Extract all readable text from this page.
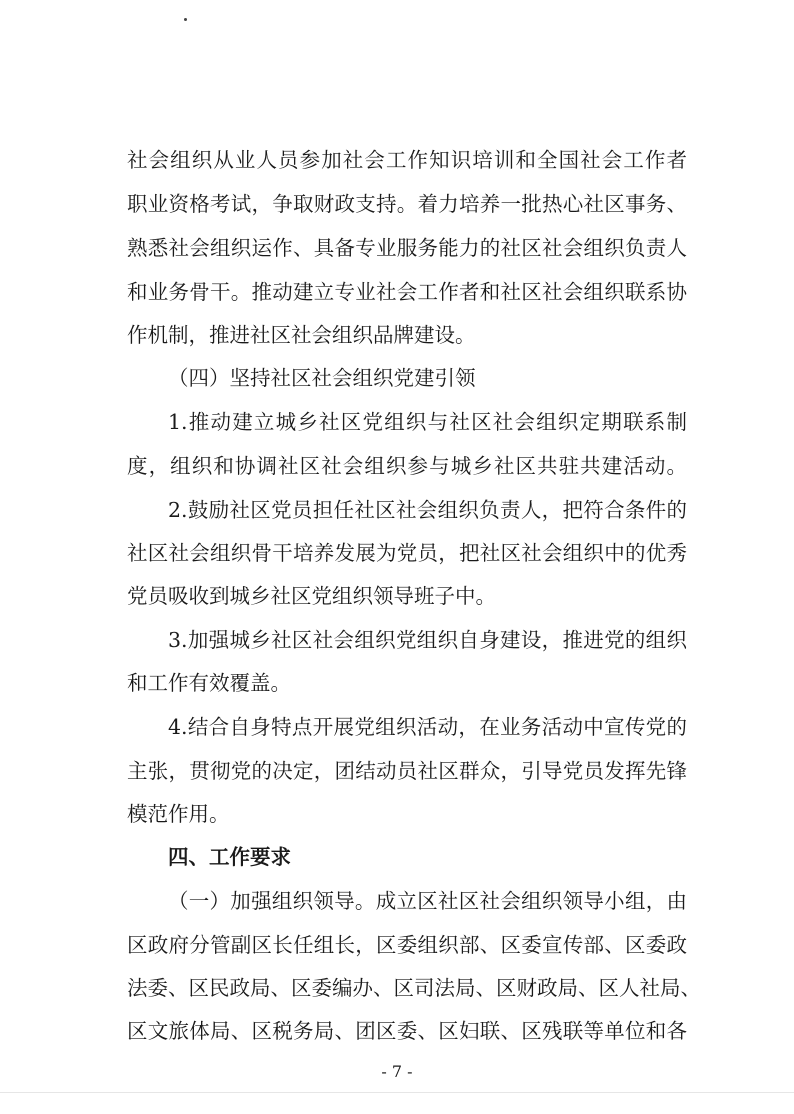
社会组织从业人员参加社会工作知识培训和全国社会工作者
职业资格考试，争取财政支持。着力培养一批热心社区事务、
熟悉社会组织运作、具备专业服务能力的社区社会组织负责人
和业务骨干。推动建立专业社会工作者和社区社会组织联系协
作机制，推进社区社会组织品牌建设。
（四）坚持社区社会组织党建引领
1.推动建立城乡社区党组织与社区社会组织定期联系制
度，组织和协调社区社会组织参与城乡社区共驻共建活动。
2.鼓励社区党员担任社区社会组织负责人，把符合条件的
社区社会组织骨干培养发展为党员，把社区社会组织中的优秀
党员吸收到城乡社区党组织领导班子中。
3.加强城乡社区社会组织党组织自身建设，推进党的组织
和工作有效覆盖。
4.结合自身特点开展党组织活动，在业务活动中宣传党的
主张，贯彻党的决定，团结动员社区群众，引导党员发挥先锋
模范作用。
四、工作要求
（一）加强组织领导。成立区社区社会组织领导小组，由
区政府分管副区长任组长，区委组织部、区委宣传部、区委政
法委、区民政局、区委编办、区司法局、区财政局、区人社局、
区文旅体局、区税务局、团区委、区妇联、区残联等单位和各
- 7 -
